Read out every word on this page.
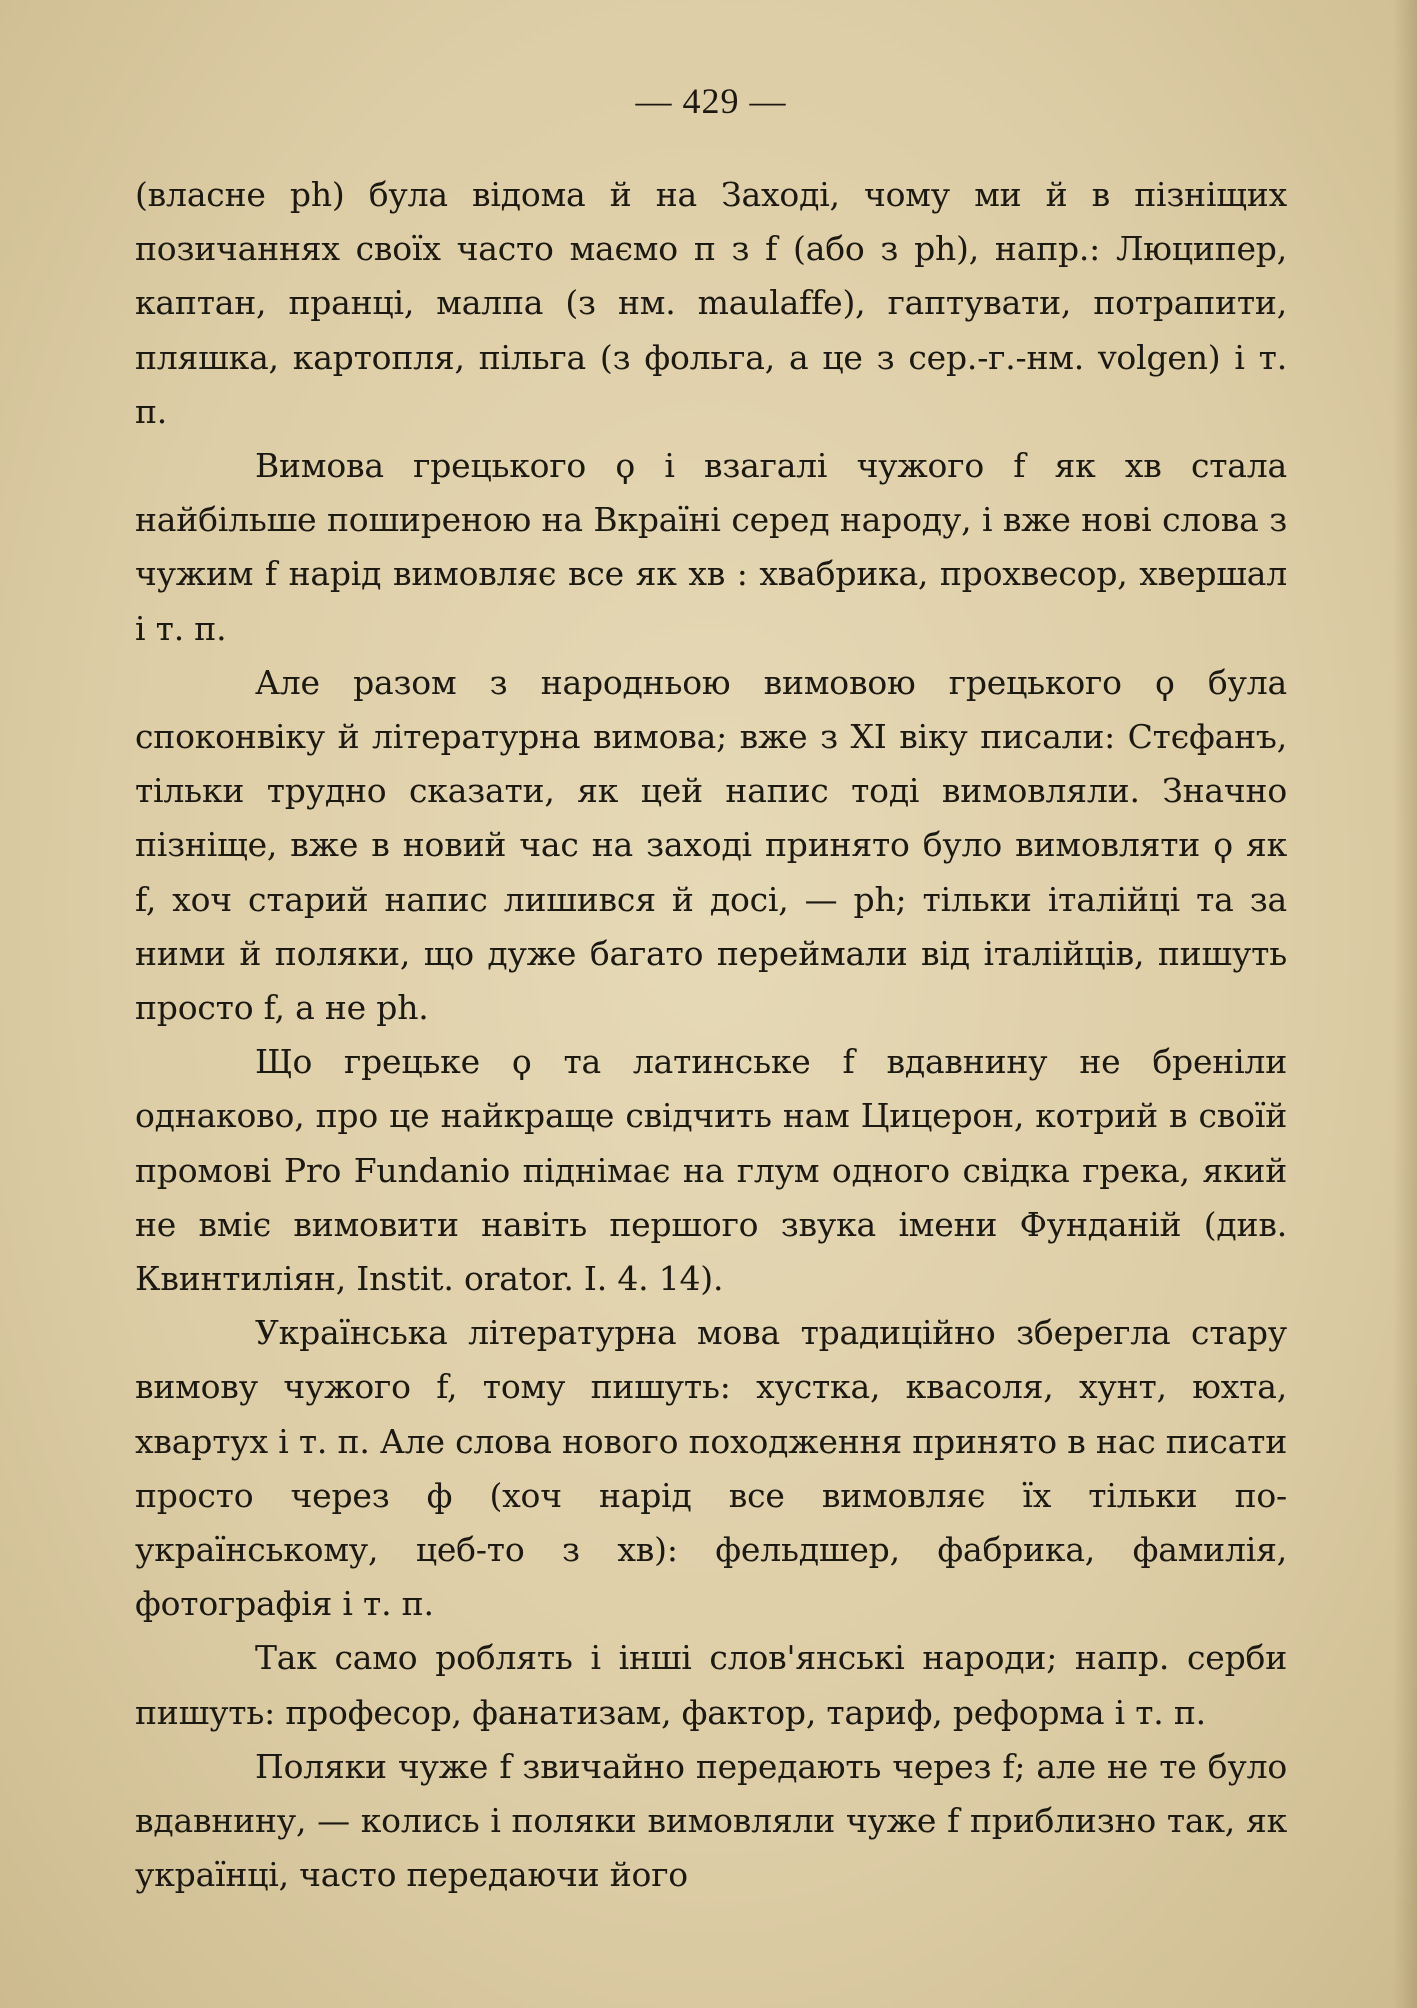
— 429 —

(власне ph) була відома й на Заході, чому ми й в пізніщих позичаннях своїх часто маємо п з f (або з ph), напр.: Люципер, каптан, пранці, малпа (з нм. maulaffe), гаптувати, потрапити, пляшка, картопля, пільга (з фольга, а це з сер.-г.-нм. volgen) і т. п.

Вимова грецького ϙ і взагалі чужого f як хв стала найбільше поширеною на Вкраїні серед народу, і вже нові слова з чужим f нарід вимовляє все як хв : хвабрика, прохвесор, хвершал і т. п.

Але разом з народньою вимовою грецького ϙ була споконвіку й літературна вимова; вже з XI віку писали: Стєфанъ, тільки трудно сказати, як цей напис тоді вимовляли. Значно пізніще, вже в новий час на заході принято було вимовляти ϙ як f, хоч старий напис лишився й досі, — ph; тільки італійці та за ними й поляки, що дуже багато переймали від італійців, пишуть просто f, а не ph.

Що грецьке ϙ та латинське f вдавнину не бреніли однаково, про це найкраще свідчить нам Цицерон, котрий в своїй промові Pro Fundanio піднімає на глум одного свідка грека, який не вміє вимовити навіть першого звука імени Фунданій (див. Квинтиліян, Instit. orator. I. 4. 14).

Українська літературна мова традиційно зберегла стару вимову чужого f, тому пишуть: хустка, квасоля, хунт, юхта, хвартух і т. п. Але слова нового походження принято в нас писати просто через ф (хоч нарід все вимовляє їх тільки по-українському, цеб-то з хв): фельдшер, фабрика, фамилія, фотографія і т. п.

Так само роблять і інші слов'янські народи; напр. серби пишуть: професор, фанатизам, фактор, тариф, реформа і т. п.

Поляки чуже f звичайно передають через f; але не те було вдавнину, — колись і поляки вимовляли чуже f приблизно так, як українці, часто передаючи його
